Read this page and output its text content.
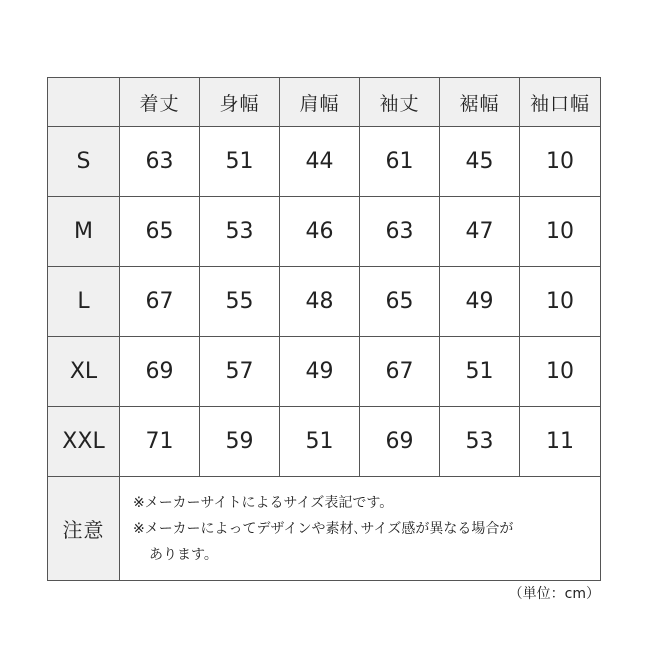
	着丈	身幅	肩幅	袖丈	裾幅	袖口幅
S	63	51	44	61	45	10
M	65	53	46	63	47	10
L	67	55	48	65	49	10
XL	69	57	49	67	51	10
XXL	71	59	51	69	53	11
注意	※メーカーサイトによるサイズ表記です。
※メーカーによってデザインや素材､サイズ感が異なる場合が
あります。					
（単位：cm）
